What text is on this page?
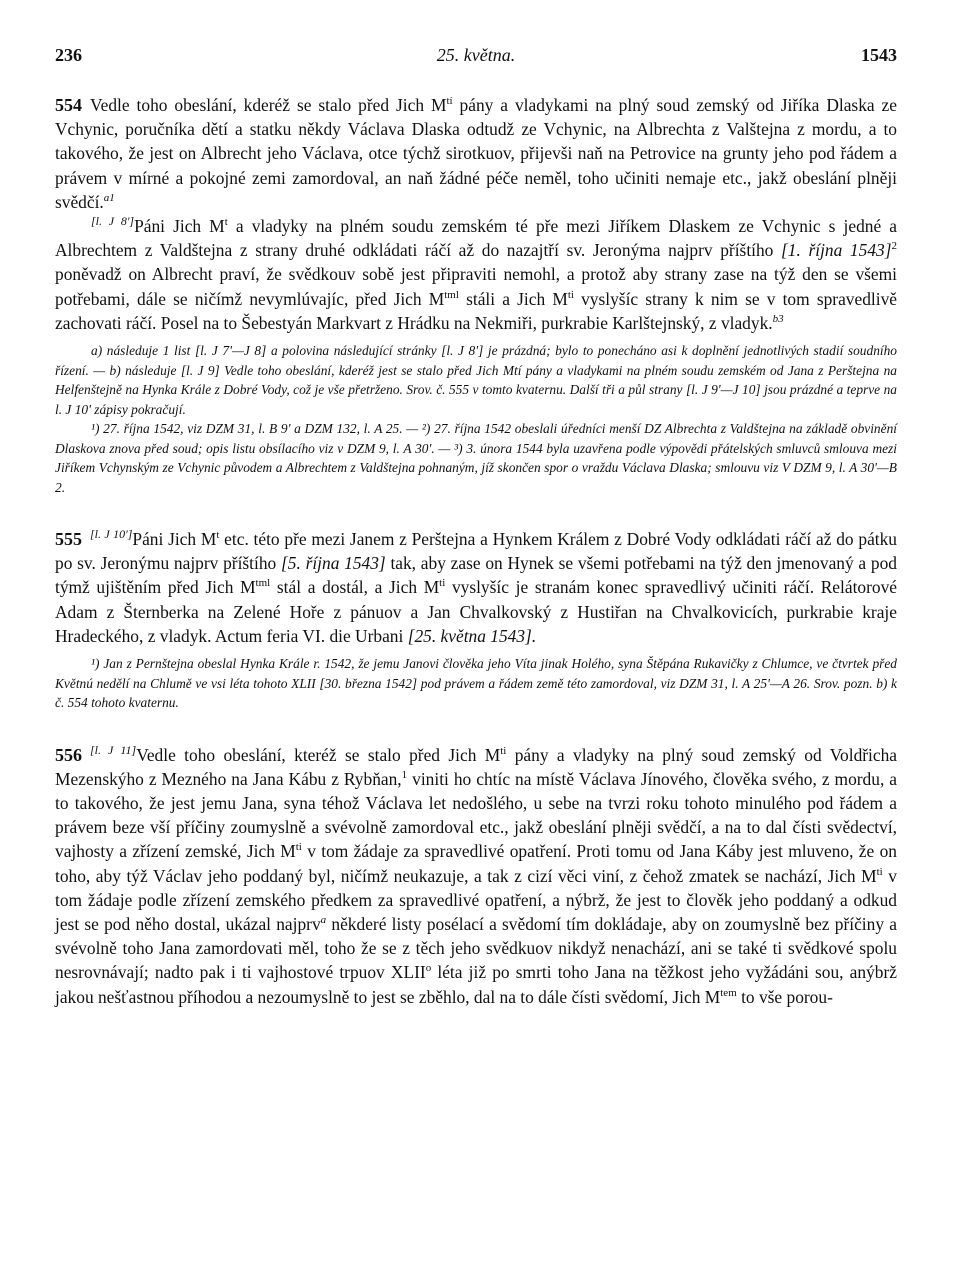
236	25. května.	1543

554 Vedle toho obeslání, kderéž se stalo před Jich $M^{tí}$ pány a vladykami na plný soud zemský od Jiříka Dlaska ze Vchynic, poručníka dětí a statku někdy Václava Dlaska odtudž ze Vchynic, na Albrechta z Valštejna z mordu, a to takového, že jest on Albrecht jeho Václava, otce týchž sirotkuov, přijevši naň na Petrovice na grunty jeho pod řádem a právem v mírné a pokojné zemi zamordoval, an naň žádné péče neměl, toho učiniti nemaje etc., jakž obeslání plněji svědčí.$^{a1}$

[l. J 8']Páni Jich $M^t$ a vladyky na plném soudu zemském té pře mezi Jiříkem Dlaskem ze Vchynic s jedné a Albrechtem z Valdštejna z strany druhé odkládati ráčí až do nazajtří sv. Jeronýma najprv příštího [1. října 1543]$^2$ poněvadž on Albrecht praví, že svědkouv sobě jest připraviti nemohl, a protož aby strany zase na týž den se všemi potřebami, dále se ničímž nevymlúvajíc, před Jich $M^{tml}$ stáli a Jich $M^{ti}$ vyslyšíc strany k nim se v tom spravedlivě zachovati ráčí. Posel na to Šebestyán Markvart z Hrádku na Nekmiři, purkrabie Karlštejnský, z vladyk.$^{b3}$

a) následuje 1 list [l. J 7'—J 8] a polovina následující stránky [l. J 8'] je prázdná; bylo to ponecháno asi k doplnění jednotlivých stadií soudního řízení. — b) následuje [l. J 9] Vedle toho obeslání, kderéž jest se stalo před Jich Mtí pány a vladykami na plném soudu zemském od Jana z Perštejna na Helfenštejně na Hynka Krále z Dobré Vody, což je vše přetrženo. Srov. č. 555 v tomto kvaternu. Další tři a půl strany [l. J 9'—J 10] jsou prázdné a teprve na l. J 10' zápisy pokračují.

¹) 27. října 1542, viz DZM 31, l. B 9' a DZM 132, l. A 25. — ²) 27. října 1542 obeslali úředníci menší DZ Albrechta z Valdštejna na základě obvinění Dlaskova znova před soud; opis listu obsílacího viz v DZM 9, l. A 30'. — ³) 3. února 1544 byla uzavřena podle výpovědi přátelských smluvců smlouva mezi Jiříkem Vchynským ze Vchynic původem a Albrechtem z Valdštejna pohnaným, jíž skončen spor o vraždu Václava Dlaska; smlouvu viz V DZM 9, l. A 30'—B 2.

555 [l. J 10']Páni Jich $M^t$ etc. této pře mezi Janem z Perštejna a Hynkem Králem z Dobré Vody odkládati ráčí až do pátku po sv. Jeronýmu najprv příštího [5. října 1543] tak, aby zase on Hynek se všemi potřebami na týž den jmenovaný a pod týmž ujištěním před Jich $M^{tml}$ stál a dostál, a Jich $M^{ti}$ vyslyšíc je stranám konec spravedlivý učiniti ráčí. Relátorové Adam z Šternberka na Zelené Hoře z pánuov a Jan Chvalkovský z Hustiřan na Chvalkovicích, purkrabie kraje Hradeckého, z vladyk. Actum feria VI. die Urbani [25. května 1543].

¹) Jan z Pernštejna obeslal Hynka Krále r. 1542, že jemu Janovi člověka jeho Víta jinak Holého, syna Štěpána Rukavičky z Chlumce, ve čtvrtek před Květnú nedělí na Chlumě ve vsi léta tohoto XLII [30. března 1542] pod právem a řádem země této zamordoval, viz DZM 31, l. A 25'—A 26. Srov. pozn. b) k č. 554 tohoto kvaternu.

556 [l. J 11]Vedle toho obeslání, kteréž se stalo před Jich $M^{ti}$ pány a vladyky na plný soud zemský od Voldřicha Mezenskýho z Mezného na Jana Kábu z Rybňan,$^1$ viniti ho chtíc na místě Václava Jínového, člověka svého, z mordu, a to takového, že jest jemu Jana, syna téhož Václava let nedošlého, u sebe na tvrzi roku tohoto minulého pod řádem a právem beze vší příčiny zoumyslně a svévolně zamordoval etc., jakž obeslání plněji svědčí, a na to dal čísti svědectví, vajhosty a zřízení zemské, Jich $M^{ti}$ v tom žádaje za spravedlivé opatření. Proti tomu od Jana Káby jest mluveno, že on toho, aby týž Václav jeho poddaný byl, ničímž neukazuje, a tak z cizí věci viní, z čehož zmatek se nachází, Jich $M^{ti}$ v tom žádaje podle zřízení zemského předkem za spravedlivé opatření, a nýbrž, že jest to člověk jeho poddaný a odkud jest se pod něho dostal, ukázal najprv$^a$ někderé listy posélací a svědomí tím dokládaje, aby on zoumyslně bez příčiny a svévolně toho Jana zamordovati měl, toho že se z těch jeho svědkuov nikdyž nenachází, ani se také ti svědkové spolu nesrovnávají; nadto pak i ti vajhostové trpuov XLII$^o$ léta již po smrti toho Jana na těžkost jeho vyžádáni sou, anýbrž jakou nešťastnou příhodou a nezoumyslně to jest se zběhlo, dal na to dále čísti svědomí, Jich $M^{tem}$ to vše porou-
